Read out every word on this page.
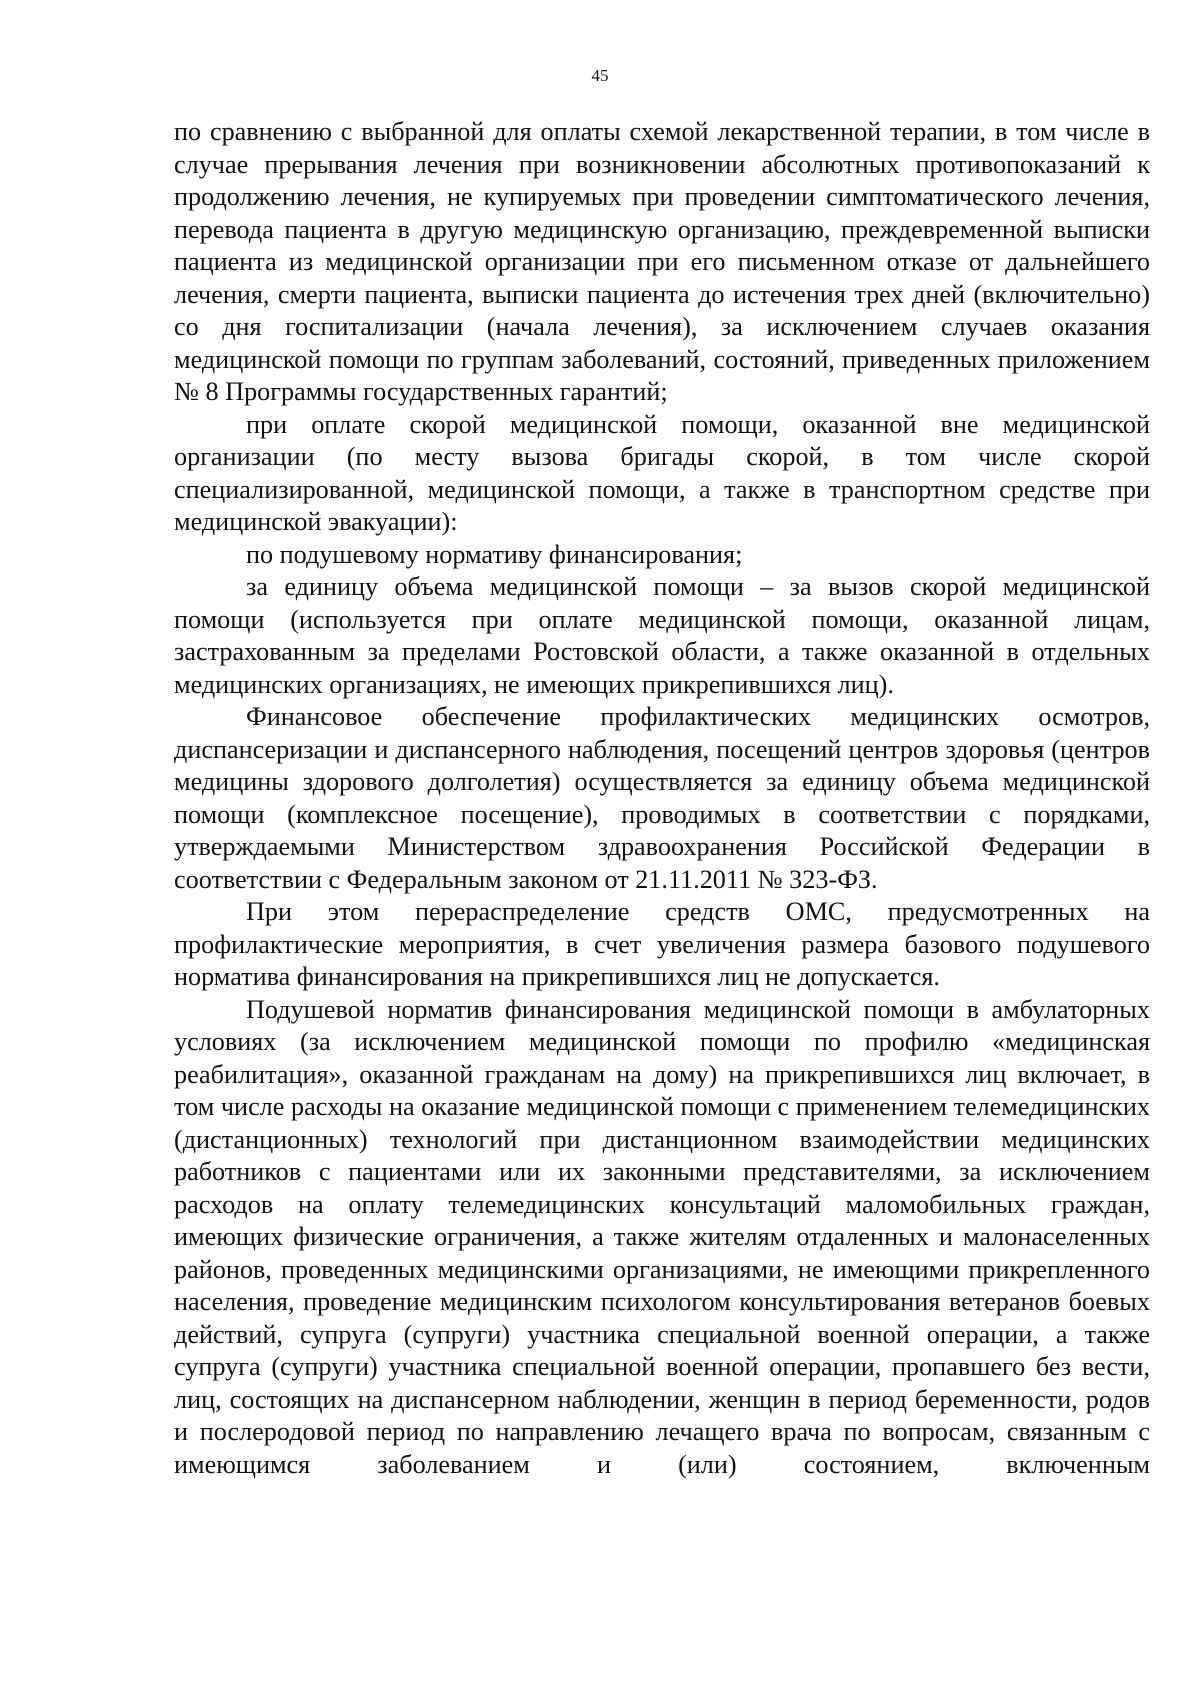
45

по сравнению с выбранной для оплаты схемой лекарственной терапии, в том числе в случае прерывания лечения при возникновении абсолютных противопоказаний к продолжению лечения, не купируемых при проведении симптоматического лечения, перевода пациента в другую медицинскую организацию, преждевременной выписки пациента из медицинской организации при его письменном отказе от дальнейшего лечения, смерти пациента, выписки пациента до истечения трех дней (включительно) со дня госпитализации (начала лечения), за исключением случаев оказания медицинской помощи по группам заболеваний, состояний, приведенных приложением № 8 Программы государственных гарантий;

при оплате скорой медицинской помощи, оказанной вне медицинской организации (по месту вызова бригады скорой, в том числе скорой специализированной, медицинской помощи, а также в транспортном средстве при медицинской эвакуации):

по подушевому нормативу финансирования;

за единицу объема медицинской помощи – за вызов скорой медицинской помощи (используется при оплате медицинской помощи, оказанной лицам, застрахованным за пределами Ростовской области, а также оказанной в отдельных медицинских организациях, не имеющих прикрепившихся лиц).

Финансовое обеспечение профилактических медицинских осмотров, диспансеризации и диспансерного наблюдения, посещений центров здоровья (центров медицины здорового долголетия) осуществляется за единицу объема медицинской помощи (комплексное посещение), проводимых в соответствии с порядками, утверждаемыми Министерством здравоохранения Российской Федерации в соответствии с Федеральным законом от 21.11.2011 № 323-ФЗ.

При этом перераспределение средств ОМС, предусмотренных на профилактические мероприятия, в счет увеличения размера базового подушевого норматива финансирования на прикрепившихся лиц не допускается.

Подушевой норматив финансирования медицинской помощи в амбулаторных условиях (за исключением медицинской помощи по профилю «медицинская реабилитация», оказанной гражданам на дому) на прикрепившихся лиц включает, в том числе расходы на оказание медицинской помощи с применением телемедицинских (дистанционных) технологий при дистанционном взаимодействии медицинских работников с пациентами или их законными представителями, за исключением расходов на оплату телемедицинских консультаций маломобильных граждан, имеющих физические ограничения, а также жителям отдаленных и малонаселенных районов, проведенных медицинскими организациями, не имеющими прикрепленного населения, проведение медицинским психологом консультирования ветеранов боевых действий, супруга (супруги) участника специальной военной операции, а также супруга (супруги) участника специальной военной операции, пропавшего без вести, лиц, состоящих на диспансерном наблюдении, женщин в период беременности, родов и послеродовой период по направлению лечащего врача по вопросам, связанным с имеющимся заболеванием и (или) состоянием, включенным
